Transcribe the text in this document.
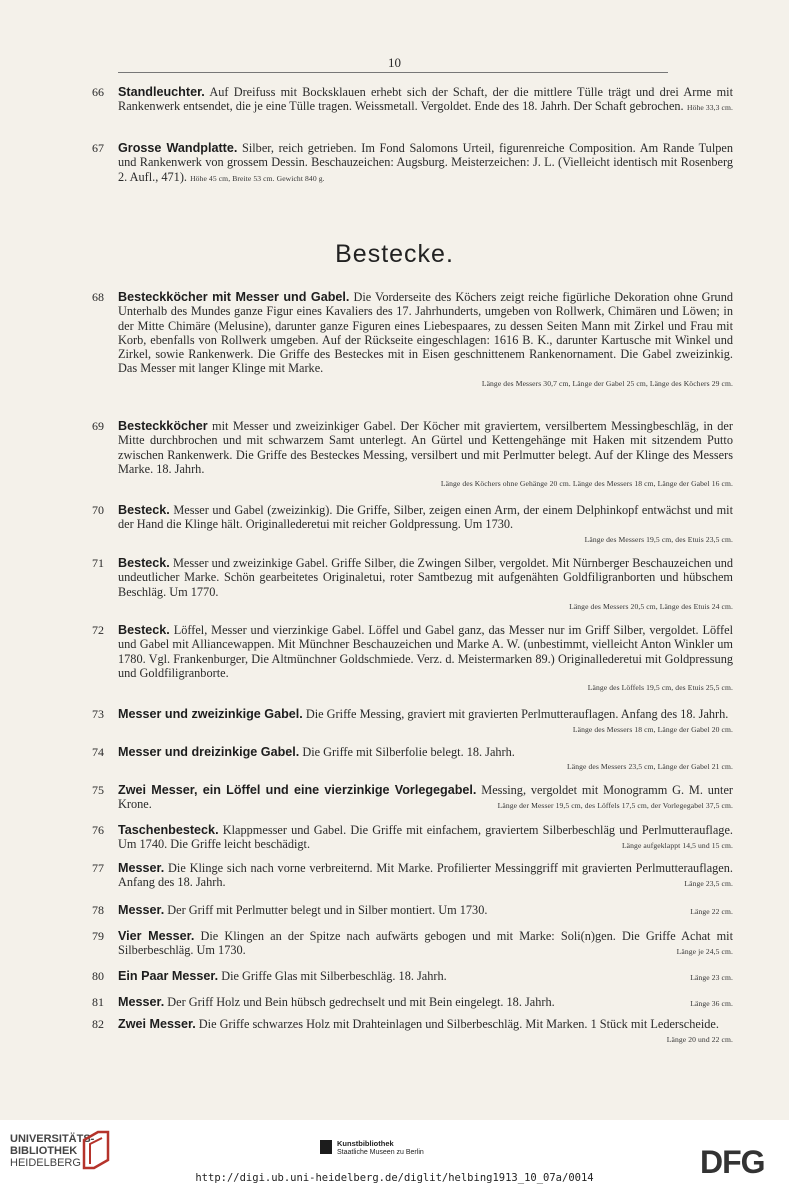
10
66	Standleuchter. Auf Dreifuss mit Bocksklauen erhebt sich der Schaft, der die mittlere Tülle trägt und drei Arme mit Rankenwerk entsendet, die je eine Tülle tragen. Weissmetall. Vergoldet. Ende des 18. Jahrh. Der Schaft gebrochen. Höhe 33,3 cm.
67	Grosse Wandplatte. Silber, reich getrieben. Im Fond Salomons Urteil, figurenreiche Composition. Am Rande Tulpen und Rankenwerk von grossem Dessin. Beschauzeichen: Augsburg. Meisterzeichen: J. L. (Vielleicht identisch mit Rosenberg 2. Aufl., 471). Höhe 45 cm, Breite 53 cm. Gewicht 840 g.
Bestecke.
68	Besteckköcher mit Messer und Gabel. Die Vorderseite des Köchers zeigt reiche figürliche Dekoration ohne Grund Unterhalb des Mundes ganze Figur eines Kavaliers des 17. Jahrhunderts, umgeben von Rollwerk, Chimären und Löwen; in der Mitte Chimäre (Melusine), darunter ganze Figuren eines Liebespaares, zu dessen Seiten Mann mit Zirkel und Frau mit Korb, ebenfalls von Rollwerk umgeben. Auf der Rückseite eingeschlagen: 1616 B. K., darunter Kartusche mit Winkel und Zirkel, sowie Rankenwerk. Die Griffe des Besteckes mit in Eisen geschnittenem Rankenornament. Die Gabel zweizinkig. Das Messer mit langer Klinge mit Marke.
Länge des Messers 30,7 cm, Länge der Gabel 25 cm, Länge des Köchers 29 cm.
69	Besteckköcher mit Messer und zweizinkiger Gabel. Der Köcher mit graviertem, versilbertem Messingbeschläg, in der Mitte durchbrochen und mit schwarzem Samt unterlegt. An Gürtel und Kettengehänge mit Haken mit sitzendem Putto zwischen Rankenwerk. Die Griffe des Besteckes Messing, versilbert und mit Perlmutter belegt. Auf der Klinge des Messers Marke. 18. Jahrh.
Länge des Köchers ohne Gehänge 20 cm. Länge des Messers 18 cm, Länge der Gabel 16 cm.
70	Besteck. Messer und Gabel (zweizinkig). Die Griffe, Silber, zeigen einen Arm, der einem Delphinkopf entwächst und mit der Hand die Klinge hält. Originallederetui mit reicher Goldpressung. Um 1730.
Länge des Messers 19,5 cm, des Etuis 23,5 cm.
71	Besteck. Messer und zweizinkige Gabel. Griffe Silber, die Zwingen Silber, vergoldet. Mit Nürnberger Beschauzeichen und undeutlicher Marke. Schön gearbeitetes Originaletui, roter Samtbezug mit aufgenähten Goldfiligranborten und hübschem Beschläg. Um 1770.
Länge des Messers 20,5 cm, Länge des Etuis 24 cm.
72	Besteck. Löffel, Messer und vierzinkige Gabel. Löffel und Gabel ganz, das Messer nur im Griff Silber, vergoldet. Löffel und Gabel mit Alliancewappen. Mit Münchner Beschauzeichen und Marke A. W. (unbestimmt, vielleicht Anton Winkler um 1780. Vgl. Frankenburger, Die Altmünchner Goldschmiede. Verz. d. Meistermarken 89.) Originallederetui mit Goldpressung und Goldfiligranborte.
Länge des Löffels 19,5 cm, des Etuis 25,5 cm.
73	Messer und zweizinkige Gabel. Die Griffe Messing, graviert mit gravierten Perlmutterauflagen. Anfang des 18. Jahrh.
Länge des Messers 18 cm, Länge der Gabel 20 cm.
74	Messer und dreizinkige Gabel. Die Griffe mit Silberfolie belegt. 18. Jahrh.
Länge des Messers 23,5 cm, Länge der Gabel 21 cm.
75	Zwei Messer, ein Löffel und eine vierzinkige Vorlegegabel. Messing, vergoldet mit Monogramm G. M. unter Krone.	Länge der Messer 19,5 cm, des Löffels 17,5 cm, der Vorlegegabel 37,5 cm.
76	Taschenbesteck. Klappmesser und Gabel. Die Griffe mit einfachem, graviertem Silberbeschläg und Perlmutterauflage. Um 1740. Die Griffe leicht beschädigt.	Länge aufgeklappt 14,5 und 15 cm.
77	Messer. Die Klinge sich nach vorne verbreiternd. Mit Marke. Profilierter Messinggriff mit gravierten Perlmutterauflagen. Anfang des 18. Jahrh.	Länge 23,5 cm.
78	Messer. Der Griff mit Perlmutter belegt und in Silber montiert. Um 1730.	Länge 22 cm.
79	Vier Messer. Die Klingen an der Spitze nach aufwärts gebogen und mit Marke: Soli(n)gen. Die Griffe Achat mit Silberbeschläg. Um 1730.	Länge je 24,5 cm.
80	Ein Paar Messer. Die Griffe Glas mit Silberbeschläg. 18. Jahrh.	Länge 23 cm.
81	Messer. Der Griff Holz und Bein hübsch gedrechselt und mit Bein eingelegt. 18. Jahrh.	Länge 36 cm.
82	Zwei Messer. Die Griffe schwarzes Holz mit Drahteinlagen und Silberbeschläg. Mit Marken. 1 Stück mit Lederscheide.
Länge 20 und 22 cm.
UNIVERSITÄTS-
BIBLIOTHEK
HEIDELBERG
Kunstbibliothek
Staatliche Museen zu Berlin	DFG
http://digi.ub.uni-heidelberg.de/diglit/helbing1913_10_07a/0014
